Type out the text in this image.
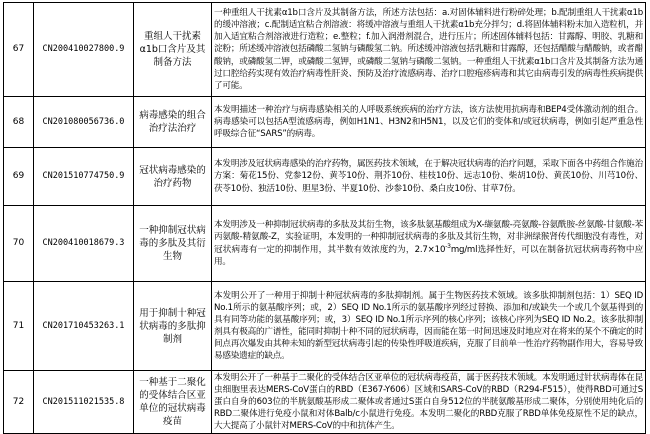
67	CN200410027800.9	重组人干扰素α1b口含片及其制备方法	一种重组人干扰素α1b口含片及其制备方法，所述方法包括：a.对固体辅料进行粉碎处理；b.配制重组人干扰素α1b的缓冲溶液；c.配制适宜粘合剂溶液：将缓冲溶液与重组人干扰素α1b充分拌匀；d.将固体辅料粉末加入造粒机，并加入适宜粘合剂溶液进行造粒；e.整粒；f.加入润滑剂混合，进行压片；所述固体辅料包括：甘露醇、明胶、乳糖和淀粉；所述缓冲溶液包括磷酸二氢钠与磷酸氢二钠。所述缓冲溶液包括乳糖和甘露醇，还包括醋酸与醋酸钠，或者醋酸钠，或磷酸氢二钾，或磷酸二氢钾，或磷酸二氢钠与磷酸二氢钠。一种重组人干扰素α1b口含片及其制备方法为通过口腔给药实现有效治疗病毒性肝炎、预防及治疗流感病毒、治疗口腔疱疹病毒和其它由病毒引发的病毒性疾病提供了可能。
68	CN201080056736.0	病毒感染的组合治疗法治疗	本发明描述一种治疗与病毒感染相关的人呼吸系统疾病的治疗方法，该方法使用抗病毒和BEP4受体激动剂的组合。病毒感染可以包括A型流感病毒，例如H1N1、H3N2和H5N1，以及它们的变体和/或冠状病毒，例如引起严重急性呼吸综合征“SARS”的病毒。
69	CN201510774750.9	冠状病毒感染的治疗药物	本发明涉及冠状病毒感染的治疗药物，属医药技术领域，在于解决冠状病毒的治疗问题，采取下面各中药组合作施治方案：菊花15份、党参12份、黄芩10份、荆芥10份、桂枝10份、远志10份、柴胡10份、黄芪10份、川芎10份、茯苓10份、独活10份、胆星3份、半夏10份、沙参10份、桑白皮10份、甘草7份。
70	CN200410018679.3	一种抑制冠状病毒的多肽及其衍生物	本发明涉及一种抑制冠状病毒的多肽及其衍生物，该多肽氨基酸组成为X-缬氨酸-亮氨酸-谷氨酰胺-丝氨酸-甘氨酸-苯丙氨酸-精氨酸-Z，实验证明，本发明的一种抑制冠状病毒的多肽及其衍生物，对非洲绿猴肾传代细胞没有毒性，对冠状病毒有一定的抑制作用，其半数有效浓度约为，$2.7\times 10^{-3}mg/ml$选择性好，可以在制备抗冠状病毒药物中应用。
71	CN201710453263.1	用于抑制十种冠状病毒的多肽抑制剂	本发明公开了一种用于抑制十种冠状病毒的多肽抑制剂。属于生物医药技术领域。该多肽抑制剂包括：1）SEQ ID No.1所示的氨基酸序列；或，2）SEQ ID No.1所示的氨基酸序列经过替换、添加和/或缺失一个或几个氨基得到的具有同等功能的氨基酸序列；或，3）SEQ ID No.1所示序列的核心序列；该核心序列为SEQ ID No.2。该多肽抑制剂具有极高的广谱性，能同时抑制十种不同的冠状病毒，因而能在第一时间迅速及时地应对在将来的某个不确定的时间点再次爆发由其种未知的新型冠状病毒引起的传染性呼吸道疾病，克服了目前单一性治疗药物副作用大，容易导致易感染遗症的缺点。
72	CN201511021535.8	一种基于二聚化的受体结合区亚单位的冠状病毒疫苗	本发明公开了一种基于二聚化的受体结合区亚单位的冠状病毒疫苗，属于医药技术领域。本发明通过针状病毒体在昆虫细胞里表达MERS-CoV蛋白的RBD（E367-Y606）区域和SARS-CoV的RBD（R294-F515），使得RBD可通过S蛋白自身的603位的半胱氨酸基形成二聚体或者通过S蛋白自身512位的半胱氨酸基形成二聚体，分别使用纯化后的RBD二聚体进行免疫小鼠和对体Balb/c小鼠进行免疫。本发明二聚化的RBD克服了RBD单体免疫原性不足的缺点，大大提高了小鼠针对MERS-CoV的中和抗体产生。
